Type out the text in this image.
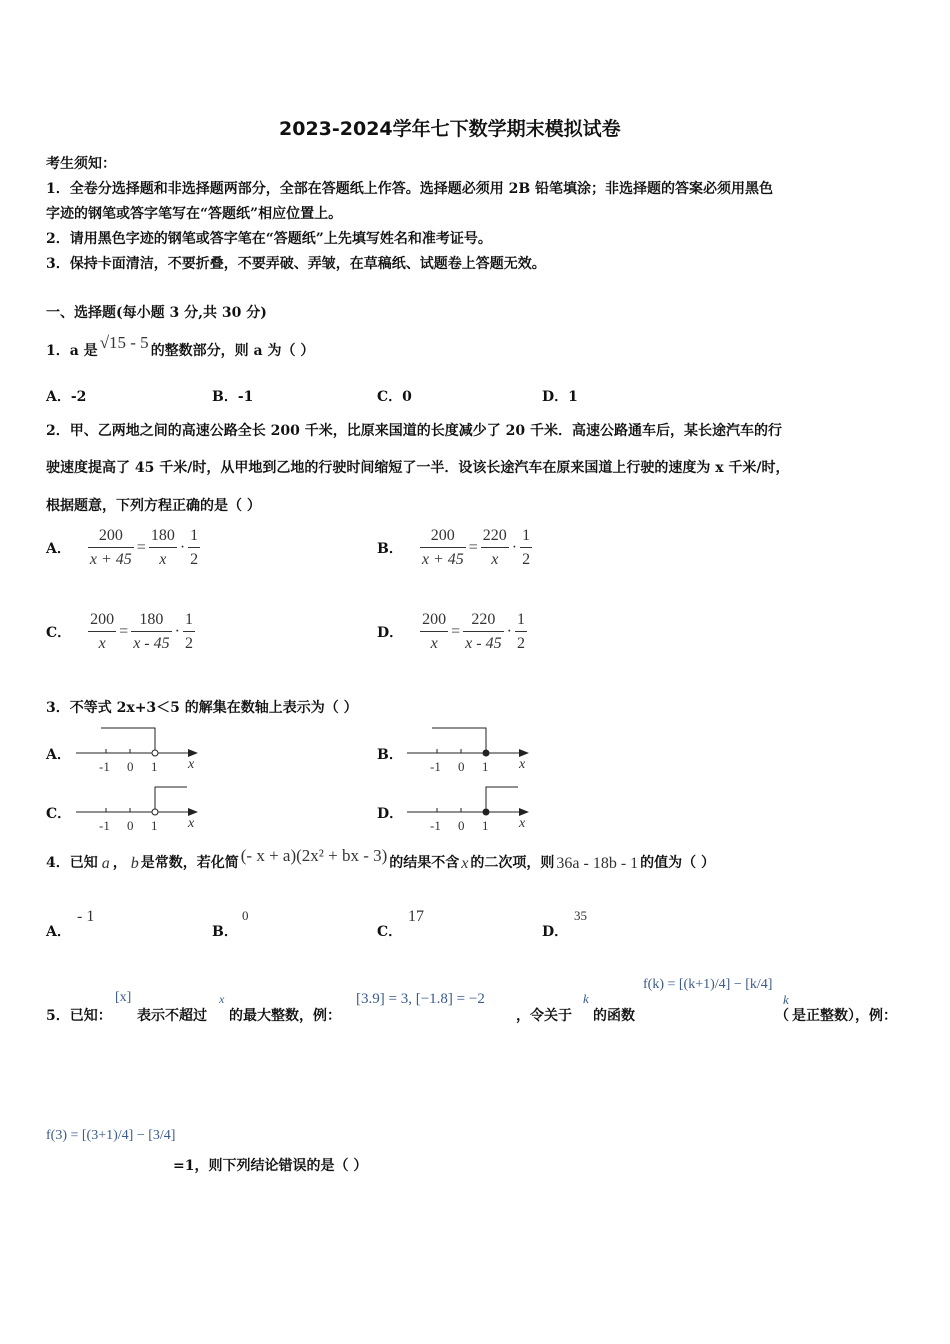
2023-2024学年七下数学期末模拟试卷
考生须知：
1．全卷分选择题和非选择题两部分，全部在答题纸上作答。选择题必须用 2B 铅笔填涂；非选择题的答案必须用黑色
字迹的钢笔或答字笔写在“答题纸”相应位置上。
2．请用黑色字迹的钢笔或答字笔在“答题纸”上先填写姓名和准考证号。
3．保持卡面清洁，不要折叠，不要弄破、弄皱，在草稿纸、试题卷上答题无效。
一、选择题(每小题 3 分,共 30 分)
1．a 是 √15 - 5 的整数部分，则 a 为（ ）
A．-2	B．-1	C．0	D．1
2．甲、乙两地之间的高速公路全长 200 千米，比原来国道的长度减少了 20 千米．高速公路通车后，某长途汽车的行
驶速度提高了 45 千米/时，从甲地到乙地的行驶时间缩短了一半．设该长途汽车在原来国道上行驶的速度为 x 千米/时，
根据题意，下列方程正确的是（ ）
A． $\frac{200}{x + 45} = \frac{180}{x} \cdot \frac{1}{2}$	B． $\frac{200}{x + 45} = \frac{220}{x} \cdot \frac{1}{2}$
C． $\frac{200}{x} = \frac{180}{x - 45} \cdot \frac{1}{2}$	D． $\frac{200}{x} = \frac{220}{x - 45} \cdot \frac{1}{2}$
3．不等式 2x+3＜5 的解集在数轴上表示为（ ）
A．
-1 0 1 x
B．
-1 0 1 x
C．
-1 0 1 x
D．
-1 0 1 x
4．已知 a ， b 是常数，若化简 (- x + a)(2x² + bx - 3) 的结果不含 x 的二次项，则 36a - 18b - 1 的值为（ ）
A．
- 1
B．
0
C．
17
D．
35
5．已知：
[x]
表示不超过
x
的最大整数，例：
[3.9] = 3, [−1.8] = −2
，令关于
k
的函数
f(k) = [(k+1)/4] − [k/4]
（
k
是正整数），例：
f(3) = [(3+1)/4] − [3/4]
=1，则下列结论错误的是（ ）
